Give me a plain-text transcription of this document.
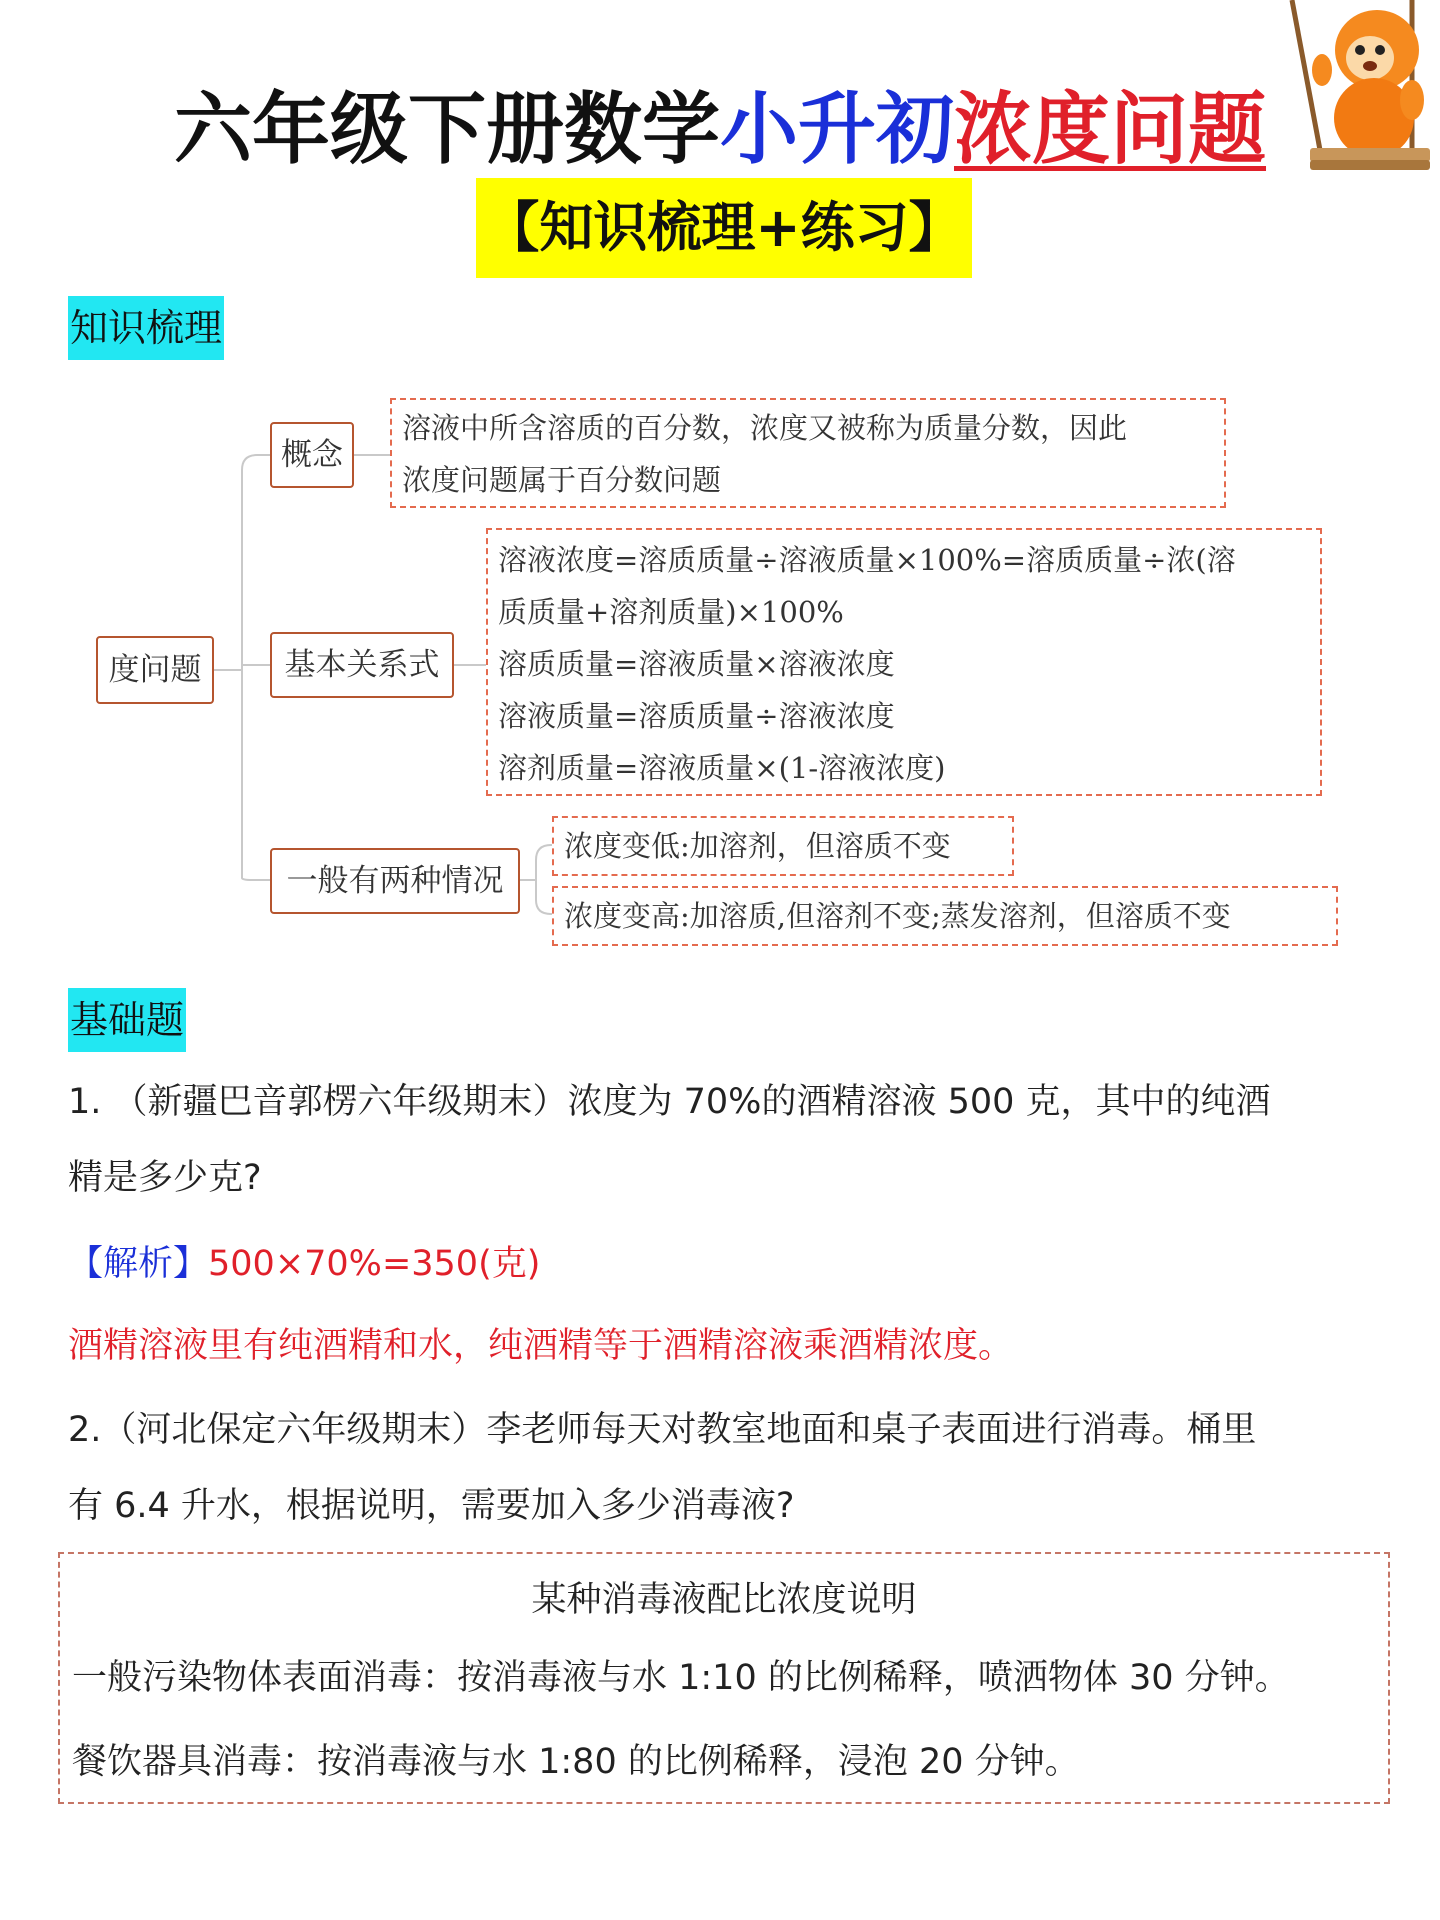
六年级下册数学小升初浓度问题
【知识梳理+练习】
知识梳理
度问题
概念
基本关系式
一般有两种情况
溶液中所含溶质的百分数，浓度又被称为质量分数，因此
浓度问题属于百分数问题
溶液浓度=溶质质量÷溶液质量×100%=溶质质量÷浓(溶
质质量+溶剂质量)×100%
溶质质量=溶液质量×溶液浓度
溶液质量=溶质质量÷溶液浓度
溶剂质量=溶液质量×(1-溶液浓度)
浓度变低:加溶剂，但溶质不变
浓度变高:加溶质,但溶剂不变;蒸发溶剂，但溶质不变
基础题
1. （新疆巴音郭楞六年级期末）浓度为 70%的酒精溶液 500 克，其中的纯酒
精是多少克?
【解析】500×70%=350(克)
酒精溶液里有纯酒精和水，纯酒精等于酒精溶液乘酒精浓度。
2.（河北保定六年级期末）李老师每天对教室地面和桌子表面进行消毒。桶里
有 6.4 升水，根据说明，需要加入多少消毒液?
某种消毒液配比浓度说明
一般污染物体表面消毒：按消毒液与水 1:10 的比例稀释，喷洒物体 30 分钟。
餐饮器具消毒：按消毒液与水 1:80 的比例稀释，浸泡 20 分钟。
